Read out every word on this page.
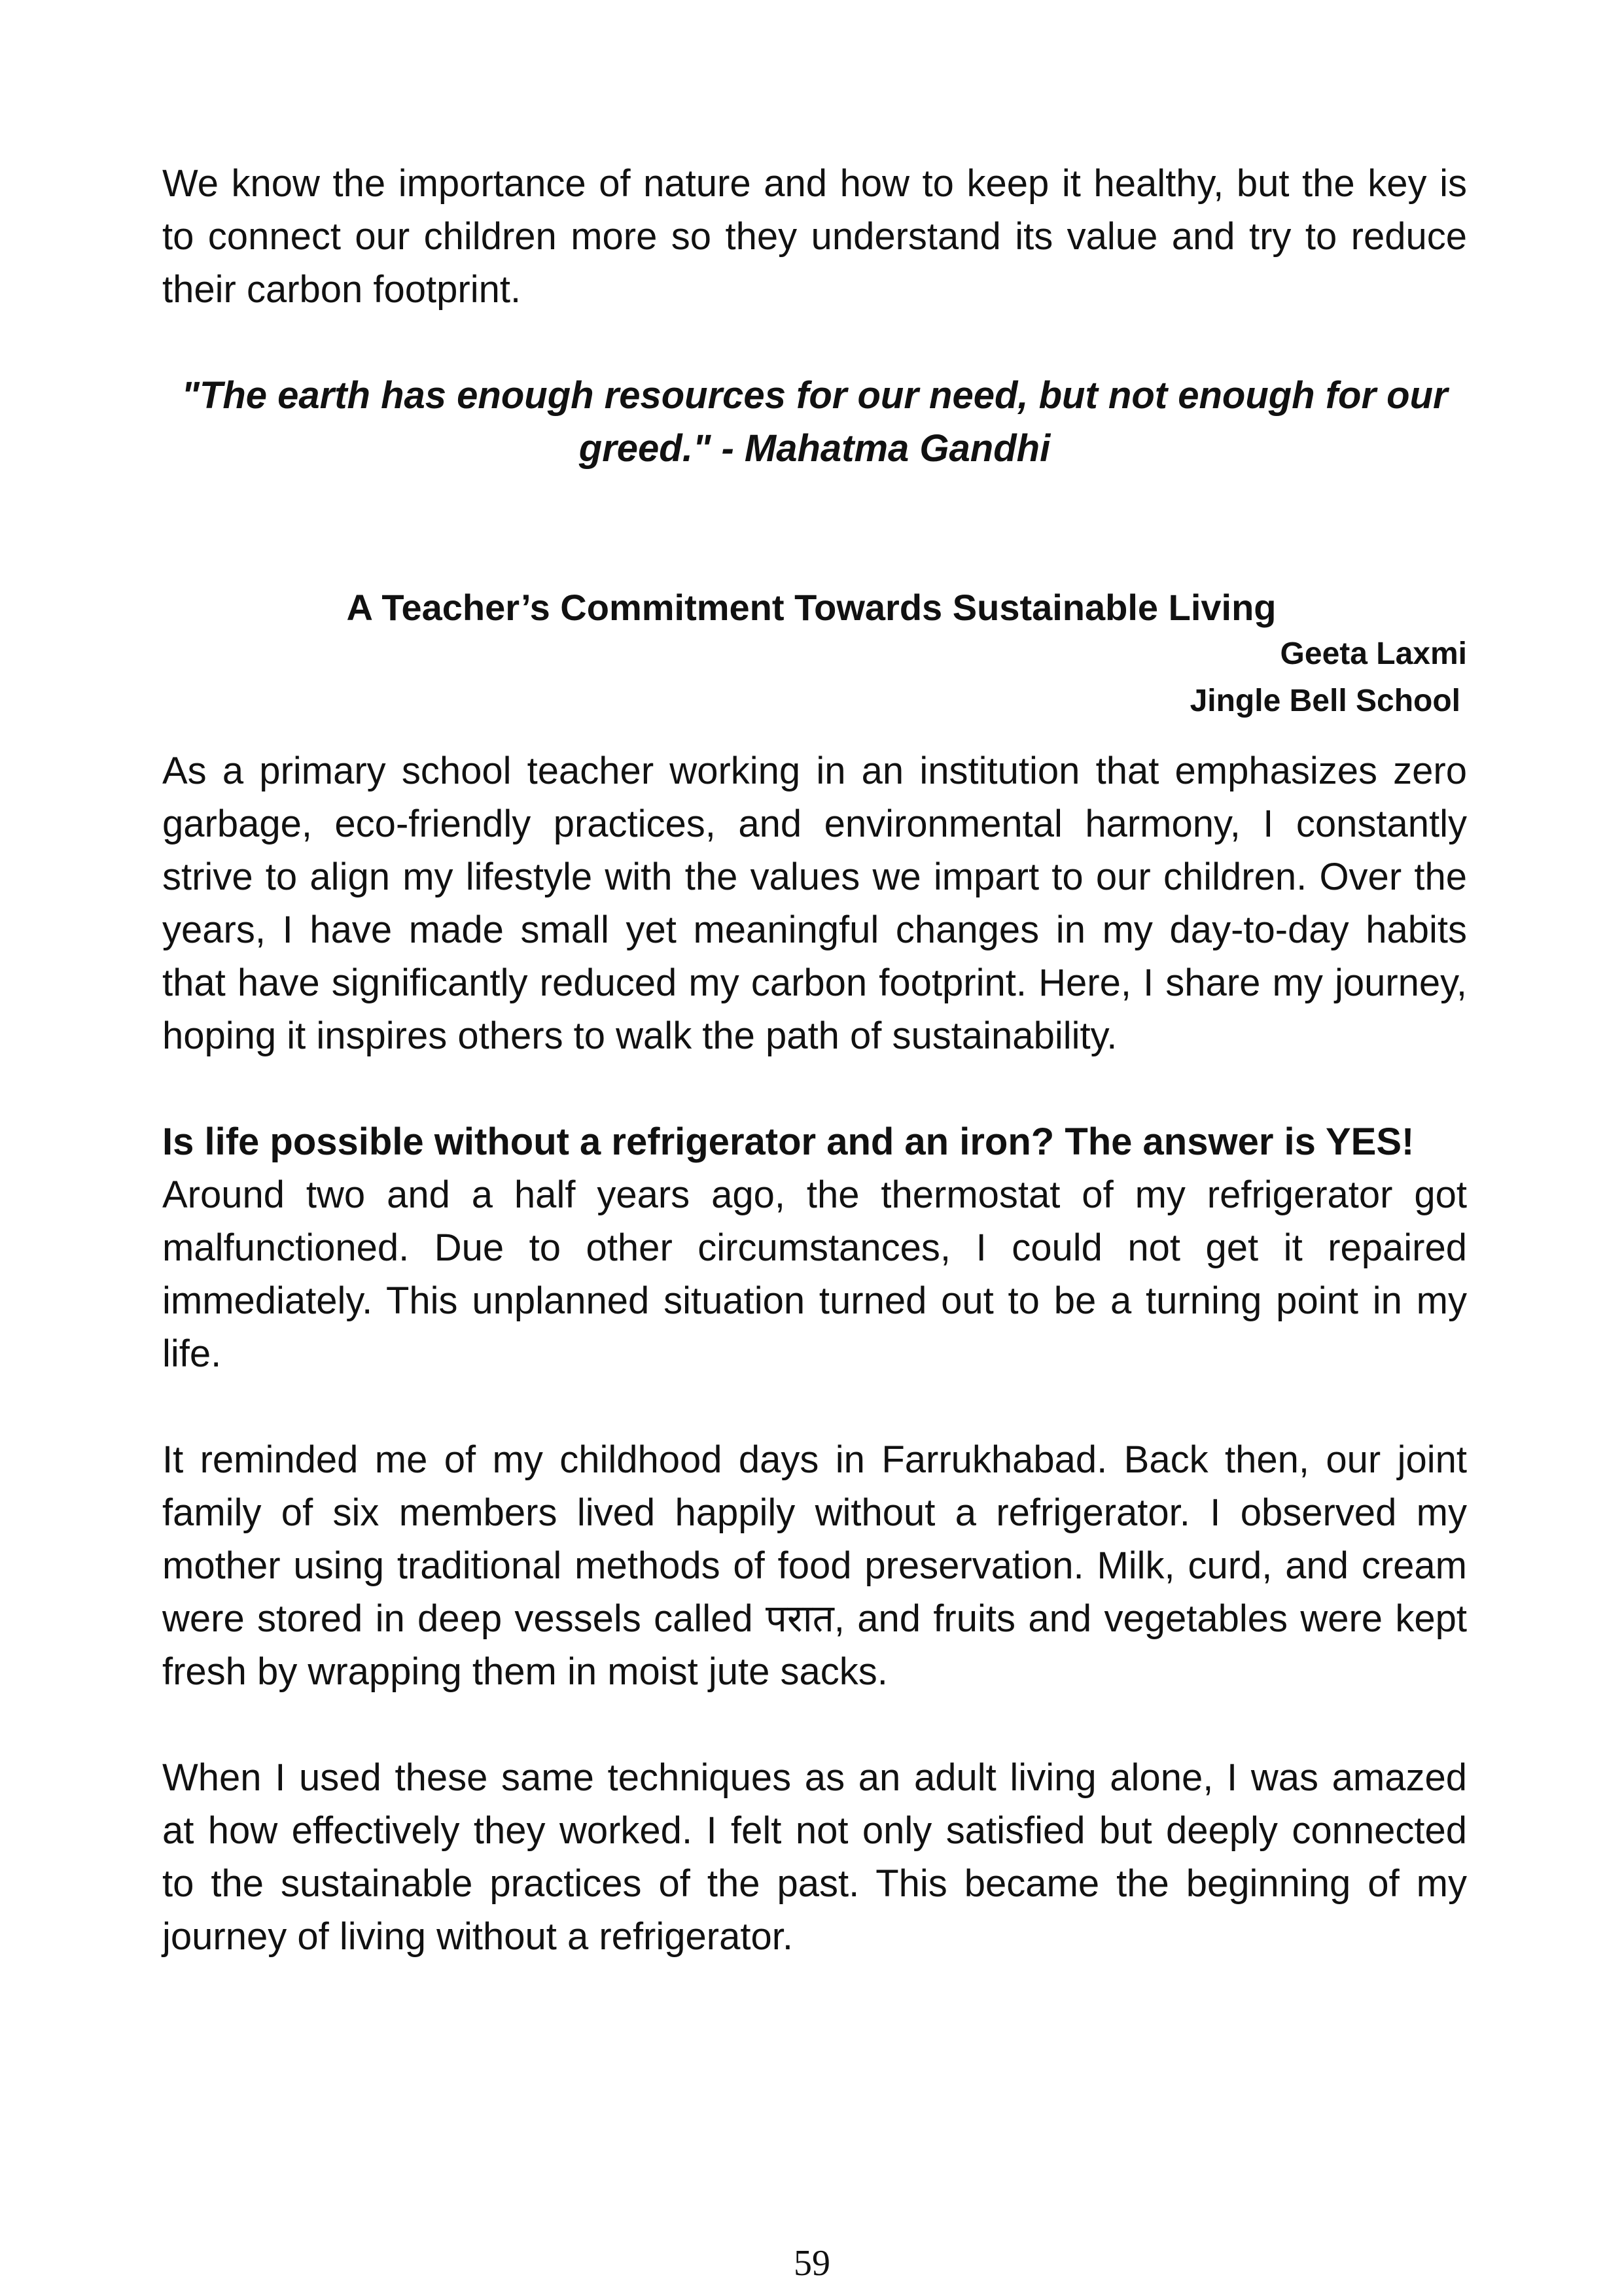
We know the importance of nature and how to keep it healthy, but the key is to connect our children more so they understand its value and try to reduce their carbon footprint.

"The earth has enough resources for our need, but not enough for our greed." - Mahatma Gandhi

A Teacher’s Commitment Towards Sustainable Living

Geeta Laxmi

Jingle Bell School

As a primary school teacher working in an institution that emphasizes zero garbage, eco-friendly practices, and environmental harmony, I constantly strive to align my lifestyle with the values we impart to our children. Over the years, I have made small yet meaningful changes in my day-to-day habits that have significantly reduced my carbon footprint. Here, I share my journey, hoping it inspires others to walk the path of sustainability.

Is life possible without a refrigerator and an iron? The answer is YES!

Around two and a half years ago, the thermostat of my refrigerator got malfunctioned. Due to other circumstances, I could not get it repaired immediately. This unplanned situation turned out to be a turning point in my life.

It reminded me of my childhood days in Farrukhabad. Back then, our joint family of six members lived happily without a refrigerator. I observed my mother using traditional methods of food preservation. Milk, curd, and cream were stored in deep vessels called परात, and fruits and vegetables were kept fresh by wrapping them in moist jute sacks.

When I used these same techniques as an adult living alone, I was amazed at how effectively they worked. I felt not only satisfied but deeply connected to the sustainable practices of the past. This became the beginning of my journey of living without a refrigerator.

59
